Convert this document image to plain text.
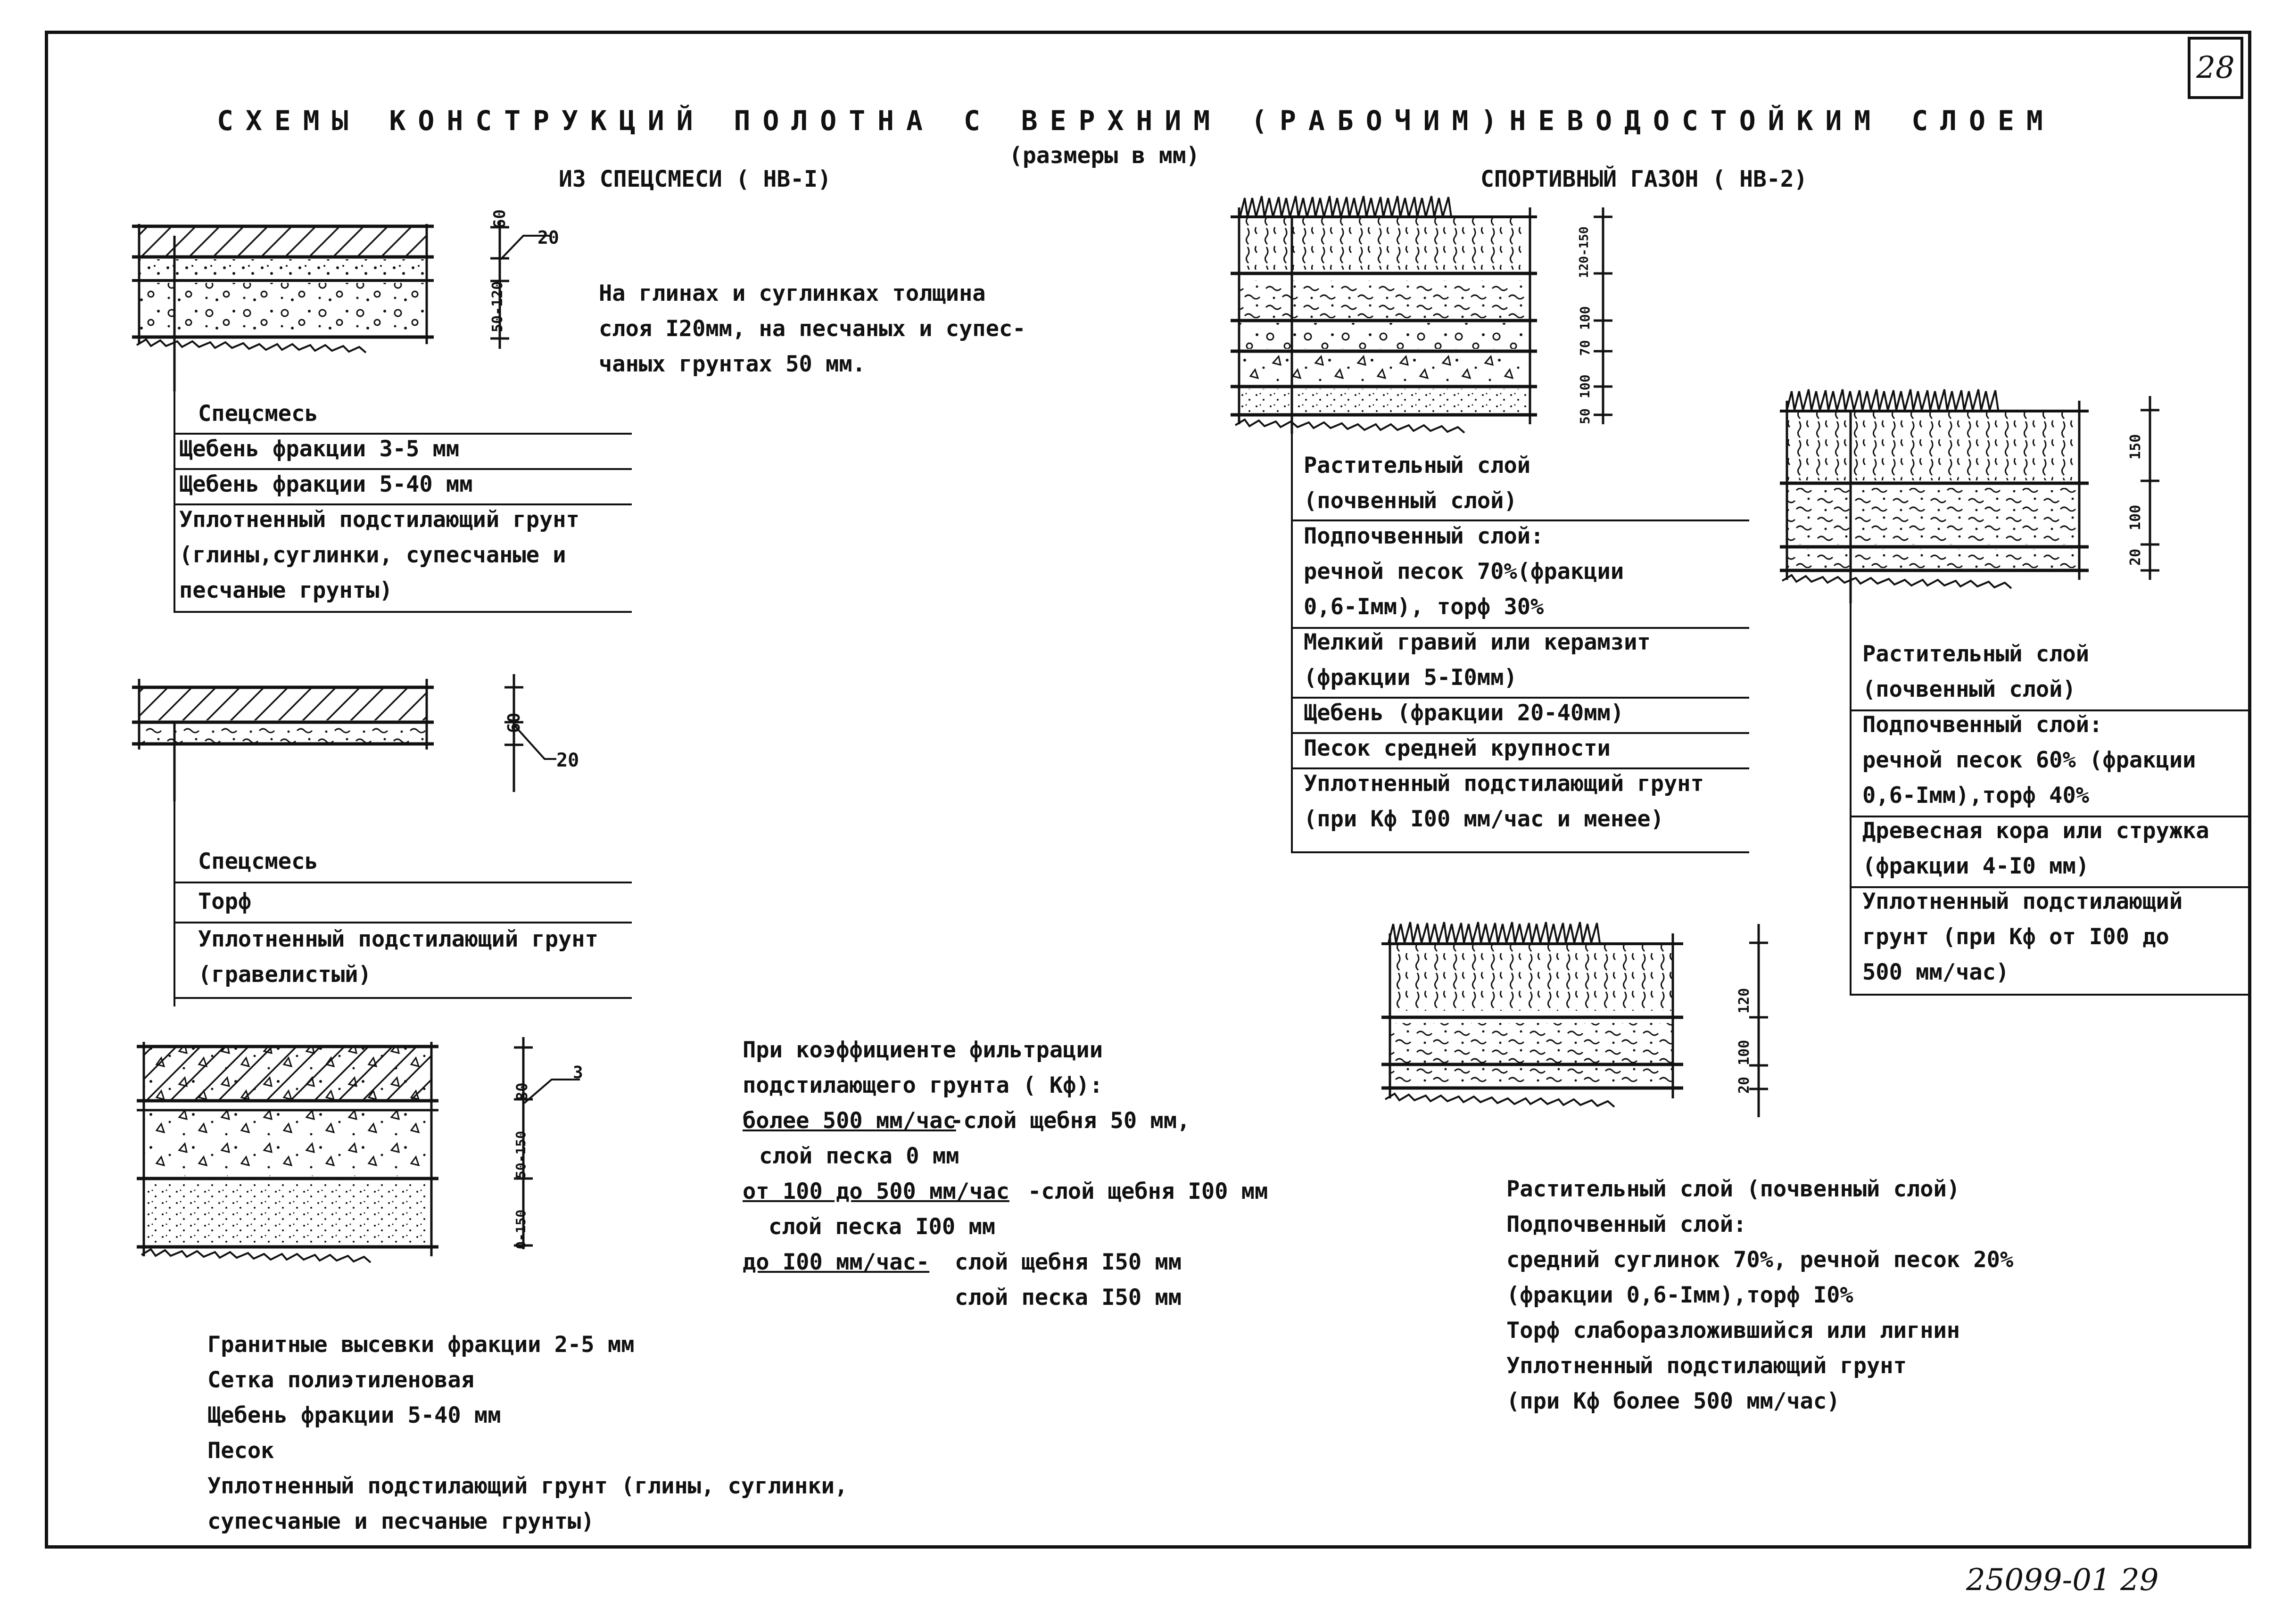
28
СХЕМЫ КОНСТРУКЦИЙ ПОЛОТНА С ВЕРХНИМ (РАБОЧИМ)НЕВОДОСТОЙКИМ СЛОЕМ
(размеры в мм)
ИЗ СПЕЦСМЕСИ ( НВ-I)	СПОРТИВНЫЙ ГАЗОН ( НВ-2)
60
50-120
20
На глинах и суглинках толщина
слоя I20мм, на песчаных и супес-
чаных грунтах 50 мм.
Спецсмесь
Щебень фракции 3-5 мм
Щебень фракции 5-40 мм
Уплотненный подстилающий грунт
(глины,суглинки, супесчаные и
песчаные грунты)
60
20
Спецсмесь
Торф
Уплотненный подстилающий грунт
(гравелистый)
80
50-150
0-150
3
Гранитные высевки фракции 2-5 мм
Сетка полиэтиленовая
Щебень фракции 5-40 мм
Песок
Уплотненный подстилающий грунт (глины, суглинки,
супесчаные и песчаные грунты)
При коэффициенте фильтрации
подстилающего грунта ( Кф):
более 500 мм/час
-слой щебня 50 мм,
слой песка 0 мм
от 100 до 500 мм/час -слой щебня I00 мм
слой песка I00 мм
до I00 мм/час- слой щебня I50 мм
слой песка I50 мм
120-150
100
70
100
50
Растительный слой
(почвенный слой)
Подпочвенный слой:
речной песок 70%(фракции
0,6-Iмм), торф 30%
Мелкий гравий или керамзит
(фракции 5-I0мм)
Щебень (фракции 20-40мм)
Песок средней крупности
Уплотненный подстилающий грунт
(при Кф I00 мм/час и менее)
150
100
20
Растительный слой
(почвенный слой)
Подпочвенный слой:
речной песок 60% (фракции
0,6-Iмм),торф 40%
Древесная кора или стружка
(фракции 4-I0 мм)
Уплотненный подстилающий
грунт (при Кф от I00 до
500 мм/час)
120
100
20
Растительный слой (почвенный слой)
Подпочвенный слой:
средний суглинок 70%, речной песок 20%
(фракции 0,6-Iмм),торф I0%
Торф слаборазложившийся или лигнин
Уплотненный подстилающий грунт
(при Кф более 500 мм/час)
25099-01 29
